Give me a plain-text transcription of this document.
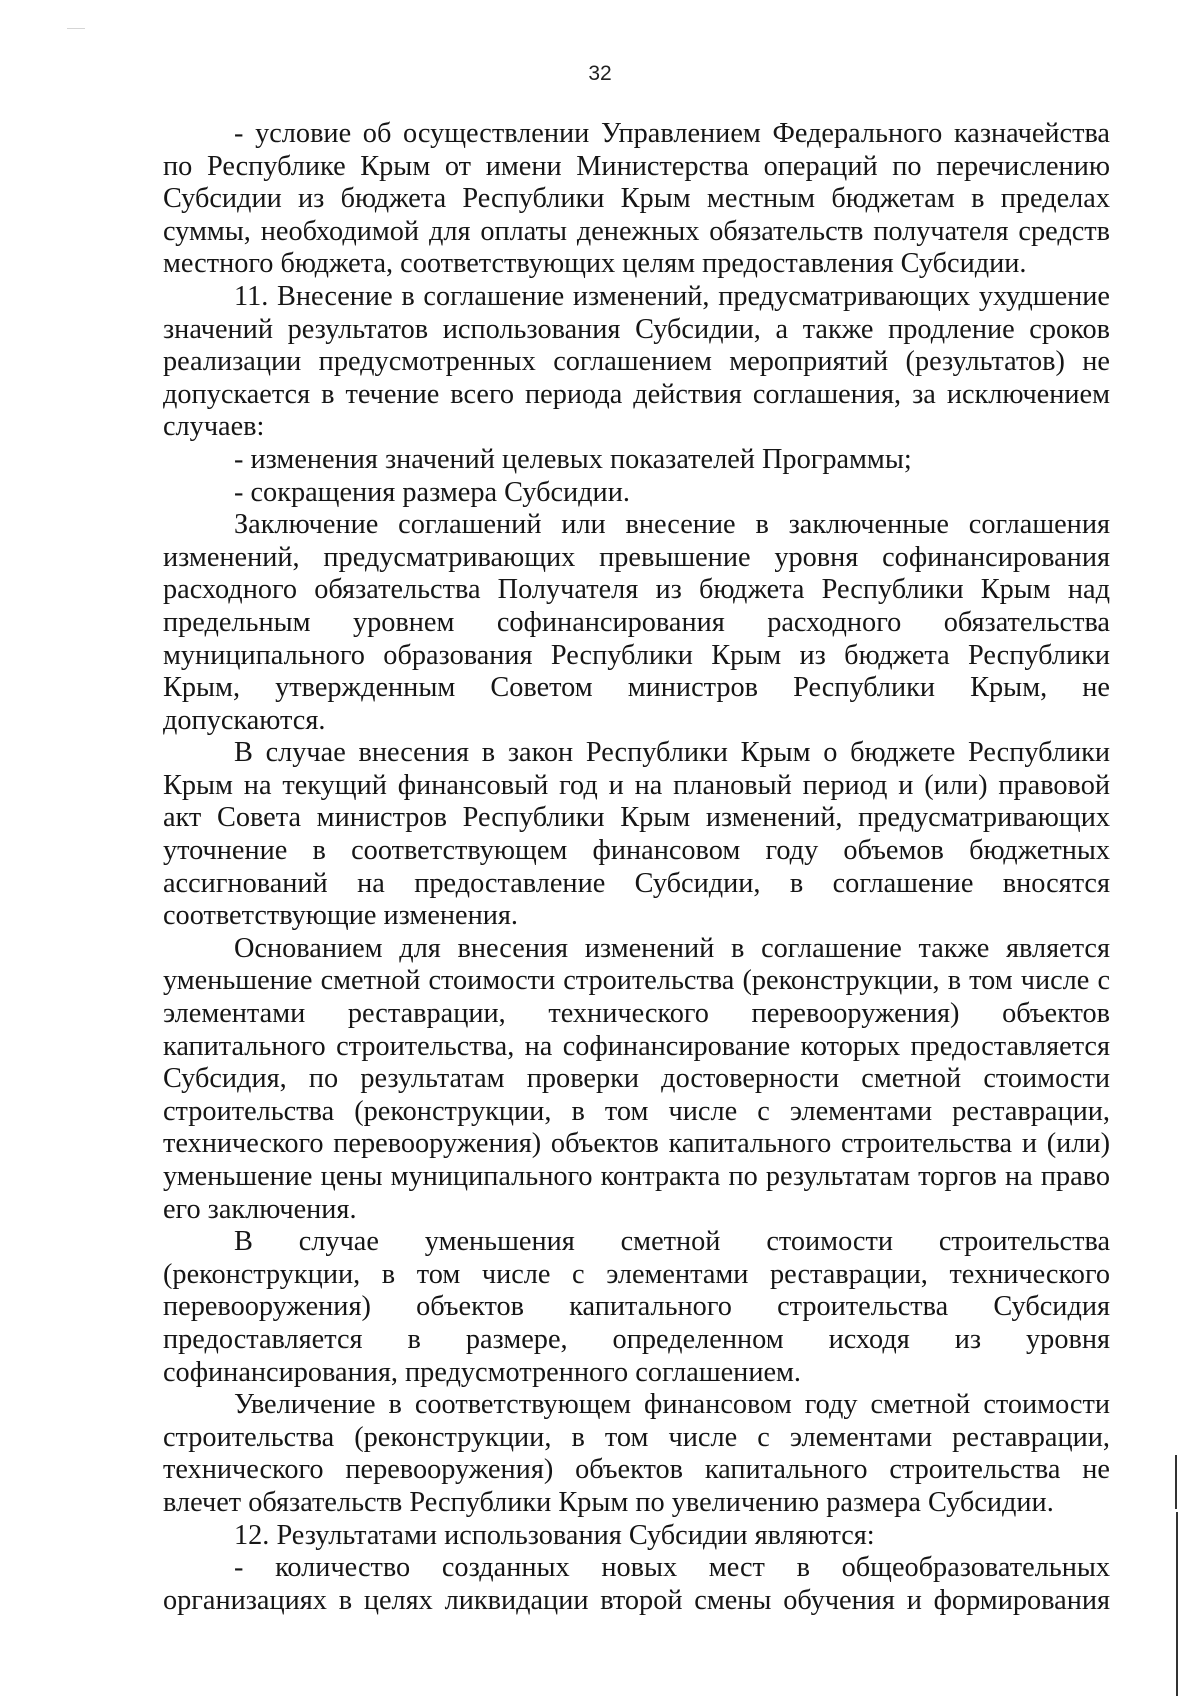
32

- условие об осуществлении Управлением Федерального казначейства по Республике Крым от имени Министерства операций по перечислению Субсидии из бюджета Республики Крым местным бюджетам в пределах суммы, необходимой для оплаты денежных обязательств получателя средств местного бюджета, соответствующих целям предоставления Субсидии.

11. Внесение в соглашение изменений, предусматривающих ухудшение значений результатов использования Субсидии, а также продление сроков реализации предусмотренных соглашением мероприятий (результатов) не допускается в течение всего периода действия соглашения, за исключением случаев:

- изменения значений целевых показателей Программы;

- сокращения размера Субсидии.

Заключение соглашений или внесение в заключенные соглашения изменений, предусматривающих превышение уровня софинансирования расходного обязательства Получателя из бюджета Республики Крым над предельным уровнем софинансирования расходного обязательства муниципального образования Республики Крым из бюджета Республики Крым, утвержденным Советом министров Республики Крым, не допускаются.

В случае внесения в закон Республики Крым о бюджете Республики Крым на текущий финансовый год и на плановый период и (или) правовой акт Совета министров Республики Крым изменений, предусматривающих уточнение в соответствующем финансовом году объемов бюджетных ассигнований на предоставление Субсидии, в соглашение вносятся соответствующие изменения.

Основанием для внесения изменений в соглашение также является уменьшение сметной стоимости строительства (реконструкции, в том числе с элементами реставрации, технического перевооружения) объектов капитального строительства, на софинансирование которых предоставляется Субсидия, по результатам проверки достоверности сметной стоимости строительства (реконструкции, в том числе с элементами реставрации, технического перевооружения) объектов капитального строительства и (или) уменьшение цены муниципального контракта по результатам торгов на право его заключения.

В случае уменьшения сметной стоимости строительства (реконструкции, в том числе с элементами реставрации, технического перевооружения) объектов капитального строительства Субсидия предоставляется в размере, определенном исходя из уровня софинансирования, предусмотренного соглашением.

Увеличение в соответствующем финансовом году сметной стоимости строительства (реконструкции, в том числе с элементами реставрации, технического перевооружения) объектов капитального строительства не влечет обязательств Республики Крым по увеличению размера Субсидии.

12. Результатами использования Субсидии являются:

- количество созданных новых мест в общеобразовательных организациях в целях ликвидации второй смены обучения и формирования
